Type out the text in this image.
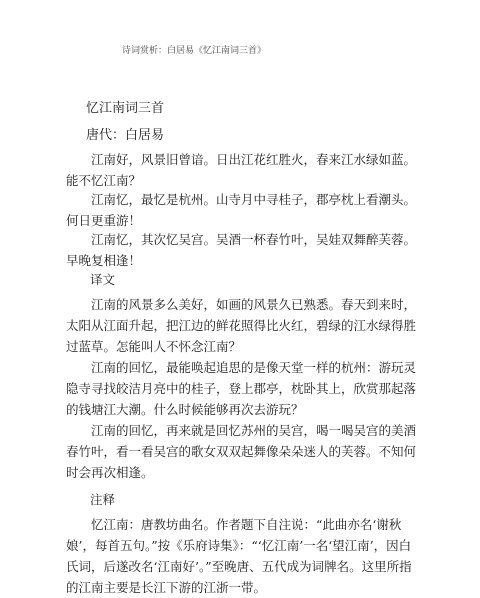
诗词赏析：白居易《忆江南词三首》
忆江南词三首
唐代：白居易
江南好，风景旧曾谙。日出江花红胜火，春来江水绿如蓝。能不忆江南？
江南忆，最忆是杭州。山寺月中寻桂子，郡亭枕上看潮头。何日更重游！
江南忆，其次忆吴宫。吴酒一杯春竹叶，吴娃双舞醉芙蓉。早晚复相逢！
译文
江南的风景多么美好，如画的风景久已熟悉。春天到来时，太阳从江面升起，把江边的鲜花照得比火红，碧绿的江水绿得胜过蓝草。怎能叫人不怀念江南？
江南的回忆，最能唤起追思的是像天堂一样的杭州：游玩灵隐寺寻找皎洁月亮中的桂子，登上郡亭，枕卧其上，欣赏那起落的钱塘江大潮。什么时候能够再次去游玩？
江南的回忆，再来就是回忆苏州的吴宫，喝一喝吴宫的美酒春竹叶，看一看吴宫的歌女双双起舞像朵朵迷人的芙蓉。不知何时会再次相逢。
注释
忆江南：唐教坊曲名。作者题下自注说：“此曲亦名‘谢秋娘’，每首五句。”按《乐府诗集》：“‘忆江南’一名‘望江南’，因白 氏词，后遂改名‘江南好’。”至晚唐、五代成为词牌名。这里所指 的江南主要是长江下游的江浙一带。
